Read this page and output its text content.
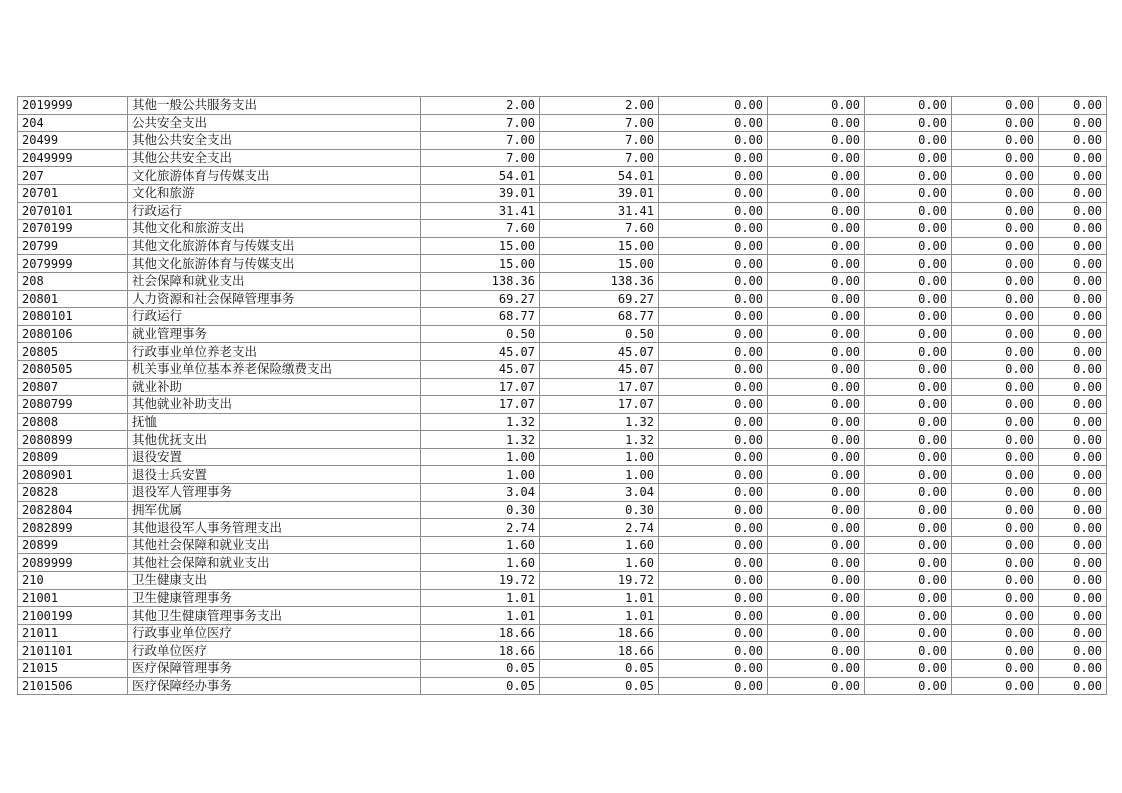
2019999	其他一般公共服务支出	2.00	2.00	0.00	0.00	0.00	0.00	0.00
204	公共安全支出	7.00	7.00	0.00	0.00	0.00	0.00	0.00
20499	其他公共安全支出	7.00	7.00	0.00	0.00	0.00	0.00	0.00
2049999	其他公共安全支出	7.00	7.00	0.00	0.00	0.00	0.00	0.00
207	文化旅游体育与传媒支出	54.01	54.01	0.00	0.00	0.00	0.00	0.00
20701	文化和旅游	39.01	39.01	0.00	0.00	0.00	0.00	0.00
2070101	行政运行	31.41	31.41	0.00	0.00	0.00	0.00	0.00
2070199	其他文化和旅游支出	7.60	7.60	0.00	0.00	0.00	0.00	0.00
20799	其他文化旅游体育与传媒支出	15.00	15.00	0.00	0.00	0.00	0.00	0.00
2079999	其他文化旅游体育与传媒支出	15.00	15.00	0.00	0.00	0.00	0.00	0.00
208	社会保障和就业支出	138.36	138.36	0.00	0.00	0.00	0.00	0.00
20801	人力资源和社会保障管理事务	69.27	69.27	0.00	0.00	0.00	0.00	0.00
2080101	行政运行	68.77	68.77	0.00	0.00	0.00	0.00	0.00
2080106	就业管理事务	0.50	0.50	0.00	0.00	0.00	0.00	0.00
20805	行政事业单位养老支出	45.07	45.07	0.00	0.00	0.00	0.00	0.00
2080505	机关事业单位基本养老保险缴费支出	45.07	45.07	0.00	0.00	0.00	0.00	0.00
20807	就业补助	17.07	17.07	0.00	0.00	0.00	0.00	0.00
2080799	其他就业补助支出	17.07	17.07	0.00	0.00	0.00	0.00	0.00
20808	抚恤	1.32	1.32	0.00	0.00	0.00	0.00	0.00
2080899	其他优抚支出	1.32	1.32	0.00	0.00	0.00	0.00	0.00
20809	退役安置	1.00	1.00	0.00	0.00	0.00	0.00	0.00
2080901	退役士兵安置	1.00	1.00	0.00	0.00	0.00	0.00	0.00
20828	退役军人管理事务	3.04	3.04	0.00	0.00	0.00	0.00	0.00
2082804	拥军优属	0.30	0.30	0.00	0.00	0.00	0.00	0.00
2082899	其他退役军人事务管理支出	2.74	2.74	0.00	0.00	0.00	0.00	0.00
20899	其他社会保障和就业支出	1.60	1.60	0.00	0.00	0.00	0.00	0.00
2089999	其他社会保障和就业支出	1.60	1.60	0.00	0.00	0.00	0.00	0.00
210	卫生健康支出	19.72	19.72	0.00	0.00	0.00	0.00	0.00
21001	卫生健康管理事务	1.01	1.01	0.00	0.00	0.00	0.00	0.00
2100199	其他卫生健康管理事务支出	1.01	1.01	0.00	0.00	0.00	0.00	0.00
21011	行政事业单位医疗	18.66	18.66	0.00	0.00	0.00	0.00	0.00
2101101	行政单位医疗	18.66	18.66	0.00	0.00	0.00	0.00	0.00
21015	医疗保障管理事务	0.05	0.05	0.00	0.00	0.00	0.00	0.00
2101506	医疗保障经办事务	0.05	0.05	0.00	0.00	0.00	0.00	0.00
